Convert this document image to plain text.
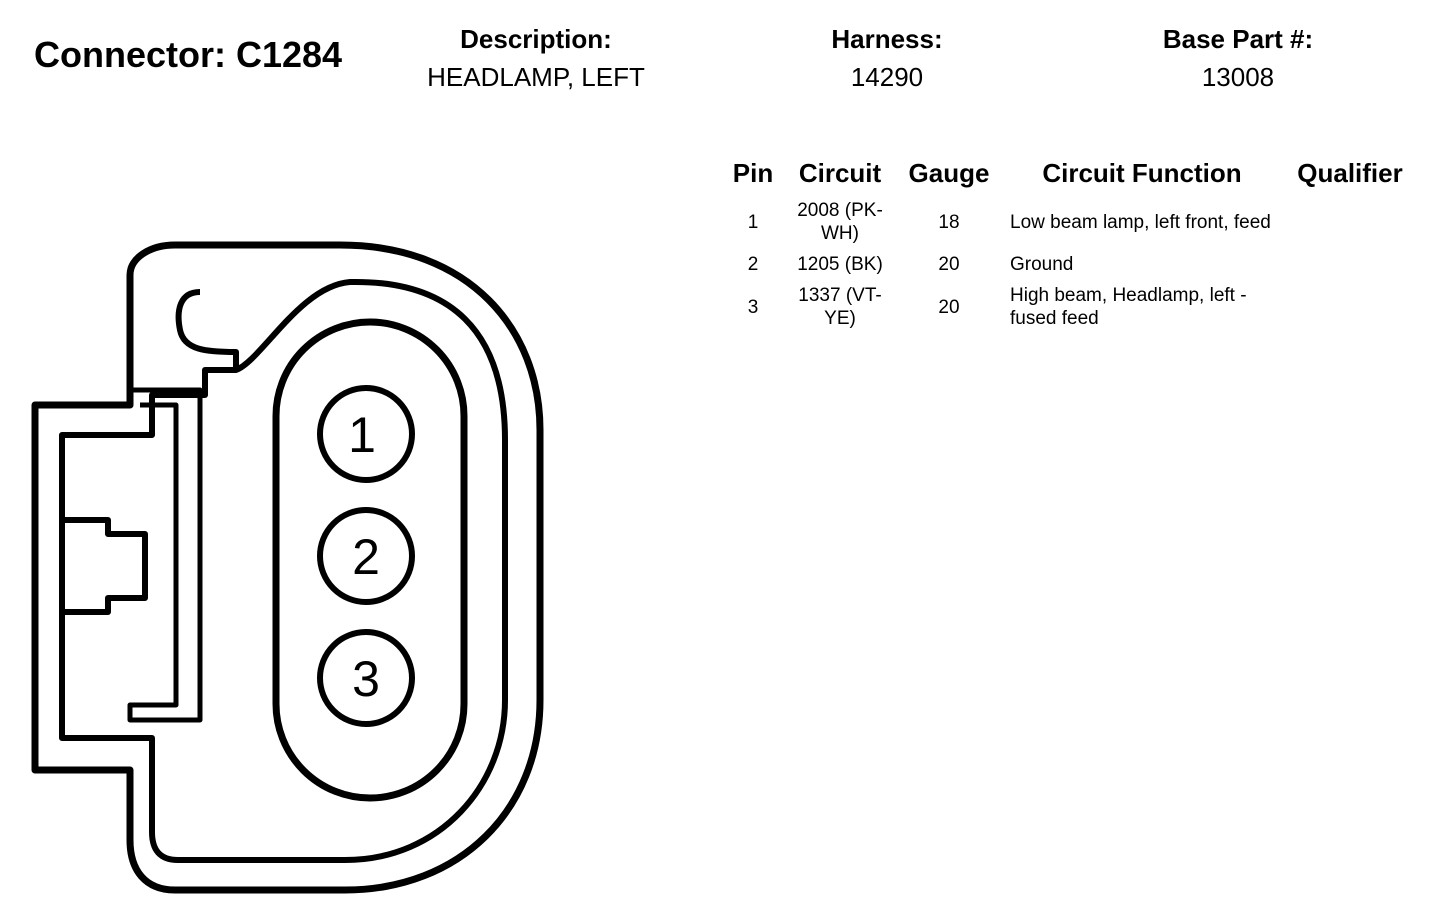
Connector: C1284	Description:
HEADLAMP, LEFT
Harness:
14290
Base Part #:
13008
Pin	Circuit	Gauge	Circuit Function	Qualifier
1	2008 (PK-WH)	18	Low beam lamp, left front, feed	
2	1205 (BK)	20	Ground	
3	1337 (VT-YE)	20	High beam, Headlamp, left - fused feed	
1
2
3
